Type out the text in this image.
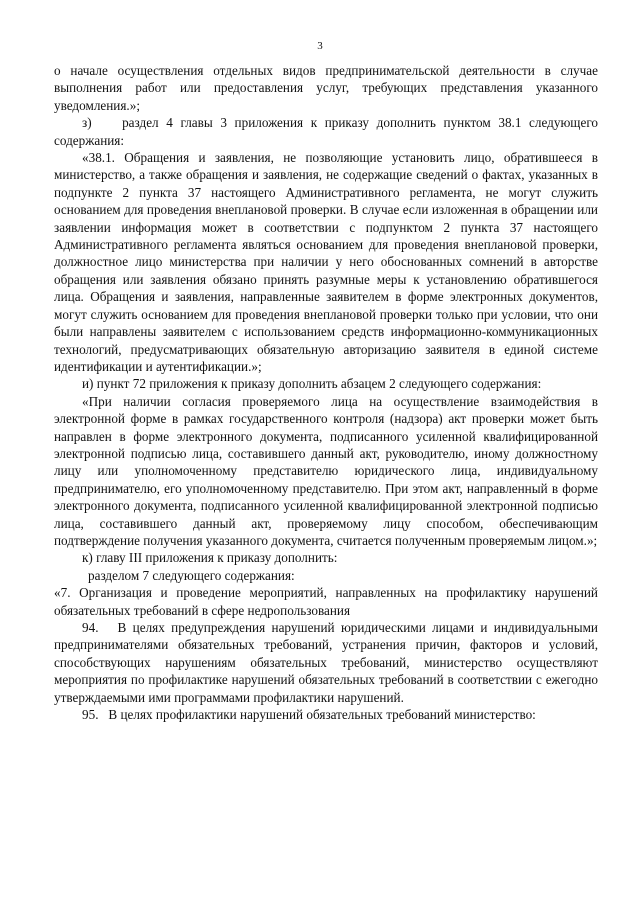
3

о начале осуществления отдельных видов предпринимательской деятельности в случае выполнения работ или предоставления услуг, требующих представления указанного уведомления.»;

з)    раздел 4 главы 3 приложения к приказу дополнить пунктом 38.1 следующего содержания:

«38.1. Обращения и заявления, не позволяющие установить лицо, обратившееся в министерство, а также обращения и заявления, не содержащие сведений о фактах, указанных в подпункте 2 пункта 37 настоящего Административного регламента, не могут служить основанием для проведения внеплановой проверки. В случае если изложенная в обращении или заявлении информация может в соответствии с подпунктом 2 пункта 37 настоящего Административного регламента являться основанием для проведения внеплановой проверки, должностное лицо министерства при наличии у него обоснованных сомнений в авторстве обращения или заявления обязано принять разумные меры к установлению обратившегося лица. Обращения и заявления, направленные заявителем в форме электронных документов, могут служить основанием для проведения внеплановой проверки только при условии, что они были направлены заявителем с использованием средств информационно-коммуникационных технологий, предусматривающих обязательную авторизацию заявителя в единой системе идентификации и аутентификации.»;

и) пункт 72 приложения к приказу дополнить абзацем 2 следующего содержания:

«При наличии согласия проверяемого лица на осуществление взаимодействия в электронной форме в рамках государственного контроля (надзора) акт проверки может быть направлен в форме электронного документа, подписанного усиленной квалифицированной электронной подписью лица, составившего данный акт, руководителю, иному должностному лицу или уполномоченному представителю юридического лица, индивидуальному предпринимателю, его уполномоченному представителю. При этом акт, направленный в форме электронного документа, подписанного усиленной квалифицированной электронной подписью лица, составившего данный акт, проверяемому лицу способом, обеспечивающим подтверждение получения указанного документа, считается полученным проверяемым лицом.»;

к) главу III приложения к приказу дополнить:

разделом 7 следующего содержания:

«7. Организация и проведение мероприятий, направленных на профилактику нарушений обязательных требований в сфере недропользования

94.   В целях предупреждения нарушений юридическими лицами и индивидуальными предпринимателями обязательных требований, устранения причин, факторов и условий, способствующих нарушениям обязательных требований, министерство осуществляют мероприятия по профилактике нарушений обязательных требований в соответствии с ежегодно утверждаемыми ими программами профилактики нарушений.

95.   В целях профилактики нарушений обязательных требований министерство:
